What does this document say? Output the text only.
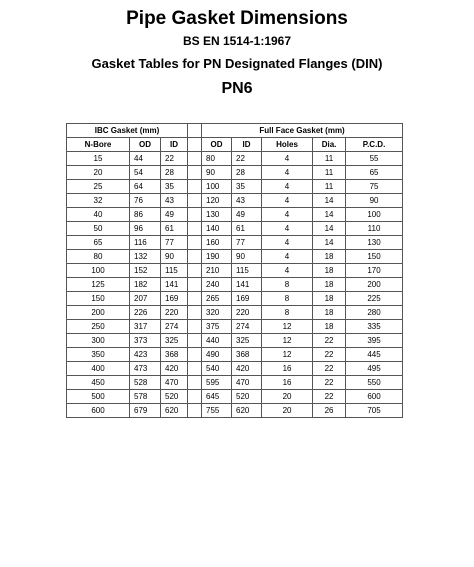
Pipe Gasket Dimensions
BS EN 1514-1:1967
Gasket Tables for PN Designated Flanges (DIN)
PN6
IBC Gasket (mm)				Full Face Gasket (mm)				
N-Bore	OD	ID		OD	ID	Holes	Dia.	P.C.D.
15	44	22		80	22	4	11	55
20	54	28		90	28	4	11	65
25	64	35		100	35	4	11	75
32	76	43		120	43	4	14	90
40	86	49		130	49	4	14	100
50	96	61		140	61	4	14	110
65	116	77		160	77	4	14	130
80	132	90		190	90	4	18	150
100	152	115		210	115	4	18	170
125	182	141		240	141	8	18	200
150	207	169		265	169	8	18	225
200	226	220		320	220	8	18	280
250	317	274		375	274	12	18	335
300	373	325		440	325	12	22	395
350	423	368		490	368	12	22	445
400	473	420		540	420	16	22	495
450	528	470		595	470	16	22	550
500	578	520		645	520	20	22	600
600	679	620		755	620	20	26	705
